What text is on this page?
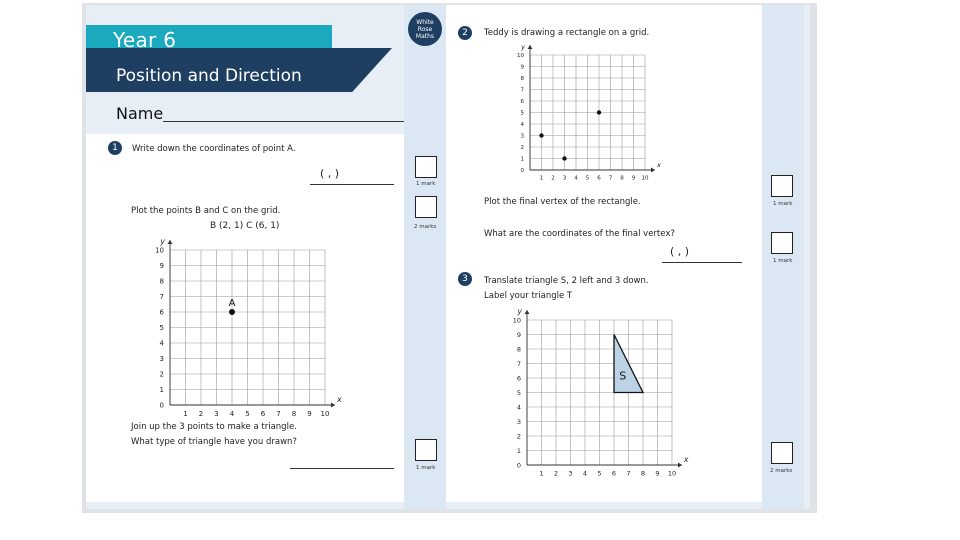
Year 6
Position and Direction
Name
White
Rose
Maths
1	Write down the coordinates of point A.
( , )
1 mark
Plot the points B and C on the grid.
B (2, 1) C (6, 1)	2 marks
1 2 3 4 5 6 7 8 9 10
0
1
2
3
4
5
6
7
8
9
10
x
y
A
Join up the 3 points to make a triangle.
What type of triangle have you drawn?
1 mark
2	Teddy is drawing a rectangle on a grid.
1 2 3 4 5 6 7 8 9 10
0
1
2
3
4
5
6
7
8
9
10
x
y
Plot the final vertex of the rectangle.	1 mark
What are the coordinates of the final vertex?
( , )
1 mark
3	Translate triangle S, 2 left and 3 down.
Label your triangle T
1 2 3 4 5 6 7 8 9 10
0
1
2
3
4
5
6
7
8
9
10
x
y
S
2 marks
